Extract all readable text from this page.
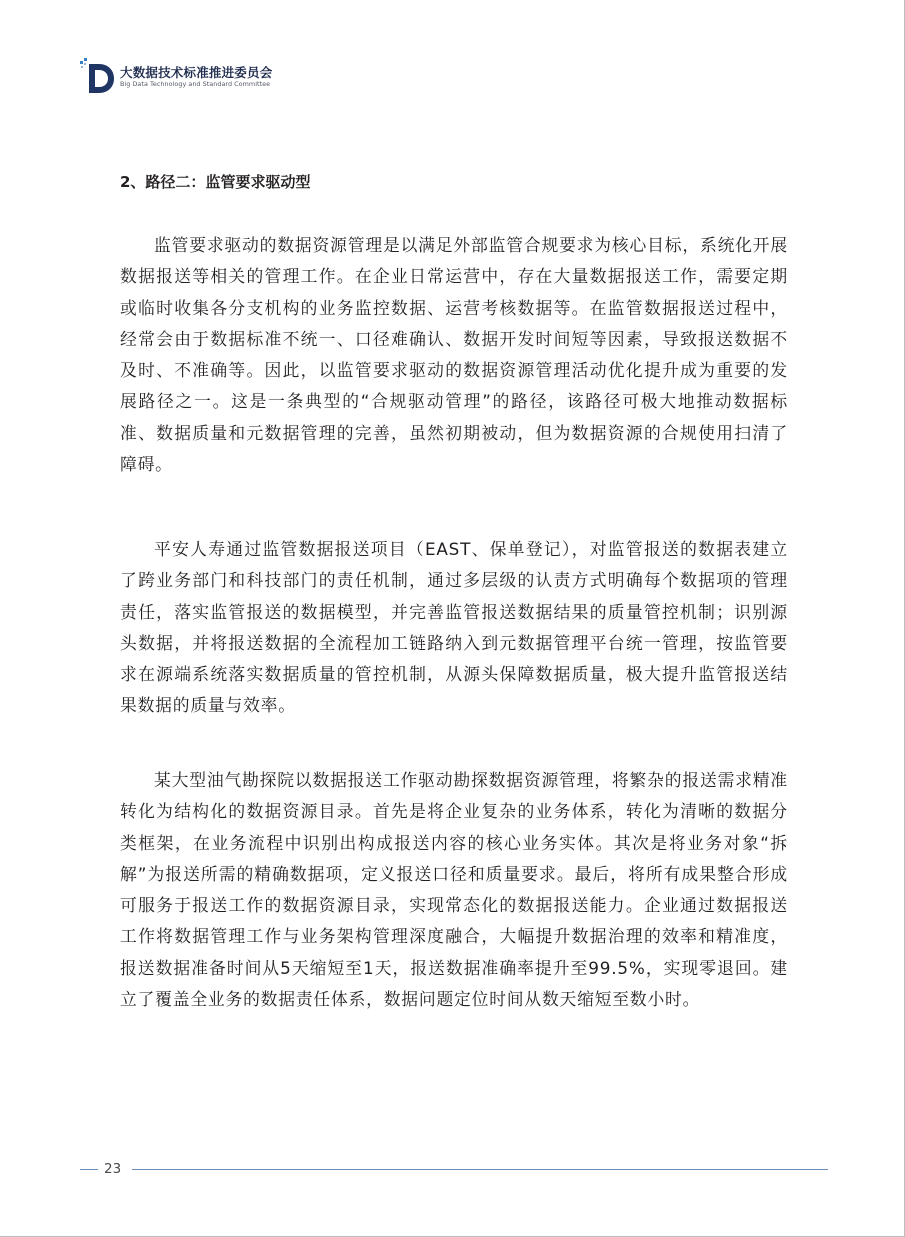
大数据技术标准推进委员会
Big Data Technology and Standard Committee
2、路径二：监管要求驱动型

监管要求驱动的数据资源管理是以满足外部监管合规要求为核心目标，系统化开展数据报送等相关的管理工作。在企业日常运营中，存在大量数据报送工作，需要定期或临时收集各分支机构的业务监控数据、运营考核数据等。在监管数据报送过程中，经常会由于数据标准不统一、口径难确认、数据开发时间短等因素，导致报送数据不及时、不准确等。因此，以监管要求驱动的数据资源管理活动优化提升成为重要的发展路径之一。这是一条典型的“合规驱动管理”的路径，该路径可极大地推动数据标准、数据质量和元数据管理的完善，虽然初期被动，但为数据资源的合规使用扫清了障碍。

平安人寿通过监管数据报送项目（EAST、保单登记），对监管报送的数据表建立了跨业务部门和科技部门的责任机制，通过多层级的认责方式明确每个数据项的管理责任，落实监管报送的数据模型，并完善监管报送数据结果的质量管控机制；识别源头数据，并将报送数据的全流程加工链路纳入到元数据管理平台统一管理，按监管要求在源端系统落实数据质量的管控机制，从源头保障数据质量，极大提升监管报送结果数据的质量与效率。

某大型油气勘探院以数据报送工作驱动勘探数据资源管理，将繁杂的报送需求精准转化为结构化的数据资源目录。首先是将企业复杂的业务体系，转化为清晰的数据分类框架，在业务流程中识别出构成报送内容的核心业务实体。其次是将业务对象“拆解”为报送所需的精确数据项，定义报送口径和质量要求。最后，将所有成果整合形成可服务于报送工作的数据资源目录，实现常态化的数据报送能力。企业通过数据报送工作将数据管理工作与业务架构管理深度融合，大幅提升数据治理的效率和精准度，报送数据准备时间从5天缩短至1天，报送数据准确率提升至99.5%，实现零退回。建立了覆盖全业务的数据责任体系，数据问题定位时间从数天缩短至数小时。

23
